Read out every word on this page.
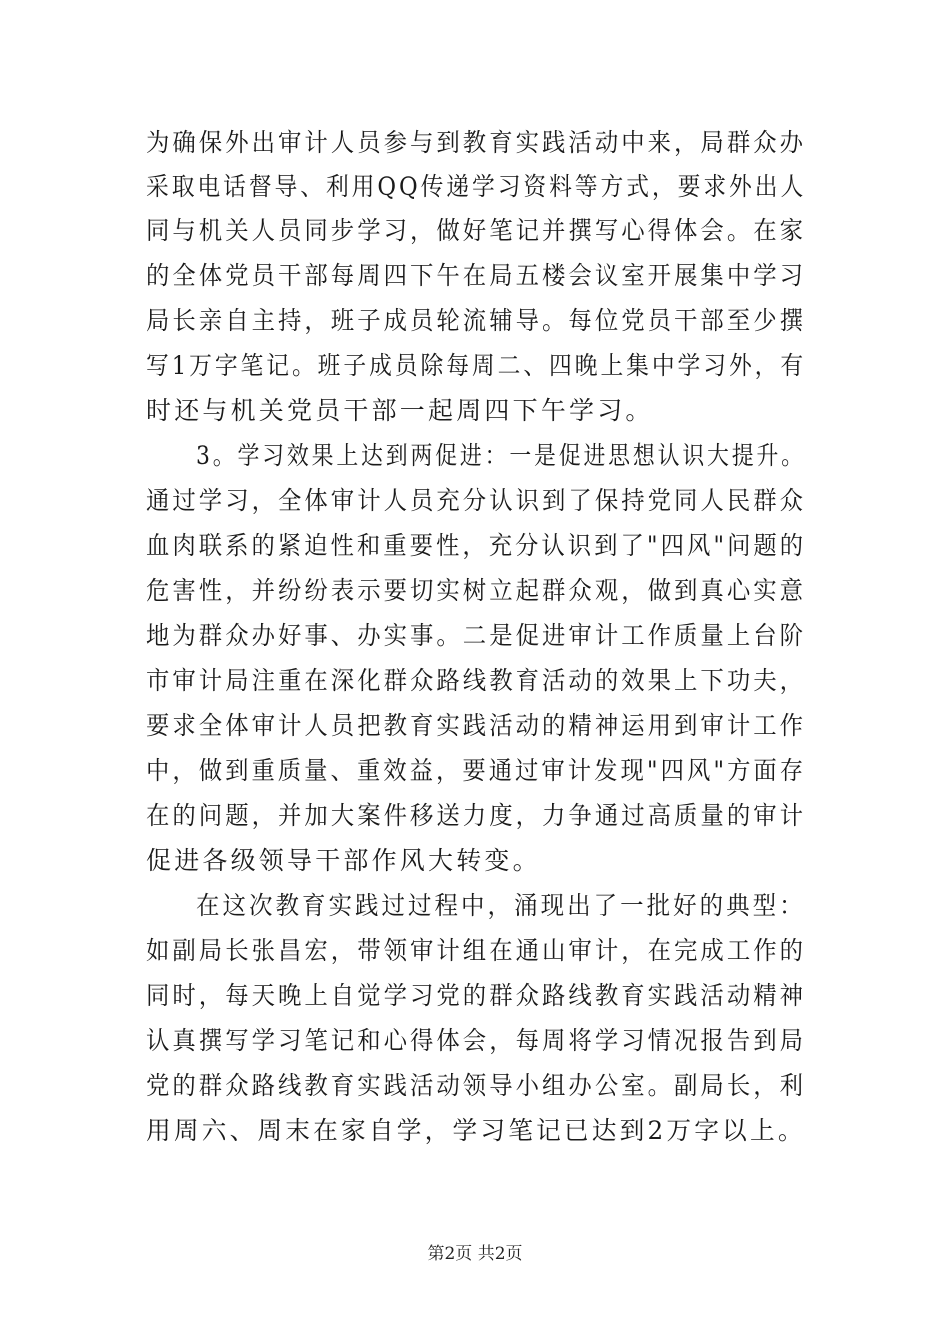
为确保外出审计人员参与到教育实践活动中来，局群众办
采取电话督导、利用QQ传递学习资料等方式，要求外出人
同与机关人员同步学习，做好笔记并撰写心得体会。在家
的全体党员干部每周四下午在局五楼会议室开展集中学习
局长亲自主持，班子成员轮流辅导。每位党员干部至少撰
写1万字笔记。班子成员除每周二、四晚上集中学习外，有
时还与机关党员干部一起周四下午学习。
3。学习效果上达到两促进：一是促进思想认识大提升。
通过学习，全体审计人员充分认识到了保持党同人民群众
血肉联系的紧迫性和重要性，充分认识到了"四风"问题的
危害性，并纷纷表示要切实树立起群众观，做到真心实意
地为群众办好事、办实事。二是促进审计工作质量上台阶
市审计局注重在深化群众路线教育活动的效果上下功夫，
要求全体审计人员把教育实践活动的精神运用到审计工作
中，做到重质量、重效益，要通过审计发现"四风"方面存
在的问题，并加大案件移送力度，力争通过高质量的审计
促进各级领导干部作风大转变。
在这次教育实践过过程中，涌现出了一批好的典型：
如副局长张昌宏，带领审计组在通山审计，在完成工作的
同时，每天晚上自觉学习党的群众路线教育实践活动精神
认真撰写学习笔记和心得体会，每周将学习情况报告到局
党的群众路线教育实践活动领导小组办公室。副局长，利
用周六、周末在家自学，学习笔记已达到2万字以上。
第2页 共2页
